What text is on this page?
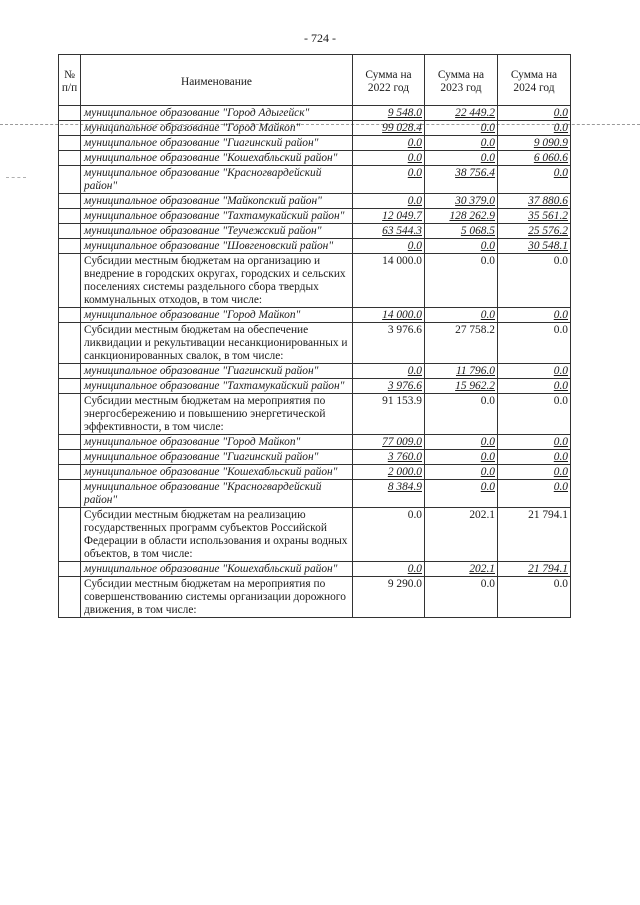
- 724 -
№ п/п	Наименование	Сумма на 2022 год	Сумма на 2023 год	Сумма на 2024 год
	муниципальное образование "Город Адыгейск"	9 548.0	22 449.2	0.0
	муниципальное образование "Город Майкоп"	99 028.4	0.0	0.0
	муниципальное образование "Гиагинский район"	0.0	0.0	9 090.9
	муниципальное образование "Кошехабльский район"	0.0	0.0	6 060.6
	муниципальное образование "Красногвардейский район"	0.0	38 756.4	0.0
	муниципальное образование "Майкопский район"	0.0	30 379.0	37 880.6
	муниципальное образование "Тахтамукайский район"	12 049.7	128 262.9	35 561.2
	муниципальное образование "Теучежский район"	63 544.3	5 068.5	25 576.2
	муниципальное образование "Шовгеновский район"	0.0	0.0	30 548.1
	Субсидии местным бюджетам на организацию и внедрение в городских округах, городских и сельских поселениях системы раздельного сбора твердых коммунальных отходов, в том числе:	14 000.0	0.0	0.0
	муниципальное образование "Город Майкоп"	14 000.0	0.0	0.0
	Субсидии местным бюджетам на обеспечение ликвидации и рекультивации несанкционированных и санкционированных свалок, в том числе:	3 976.6	27 758.2	0.0
	муниципальное образование "Гиагинский район"	0.0	11 796.0	0.0
	муниципальное образование "Тахтамукайский район"	3 976.6	15 962.2	0.0
	Субсидии местным бюджетам на мероприятия по энергосбережению и повышению энергетической эффективности, в том числе:	91 153.9	0.0	0.0
	муниципальное образование "Город Майкоп"	77 009.0	0.0	0.0
	муниципальное образование "Гиагинский район"	3 760.0	0.0	0.0
	муниципальное образование "Кошехабльский район"	2 000.0	0.0	0.0
	муниципальное образование "Красногвардейский район"	8 384.9	0.0	0.0
	Субсидии местным бюджетам на реализацию государственных программ субъектов Российской Федерации в области использования и охраны водных объектов, в том числе:	0.0	202.1	21 794.1
	муниципальное образование "Кошехабльский район"	0.0	202.1	21 794.1
	Субсидии местным бюджетам на мероприятия по совершенствованию системы организации дорожного движения, в том числе:	9 290.0	0.0	0.0
